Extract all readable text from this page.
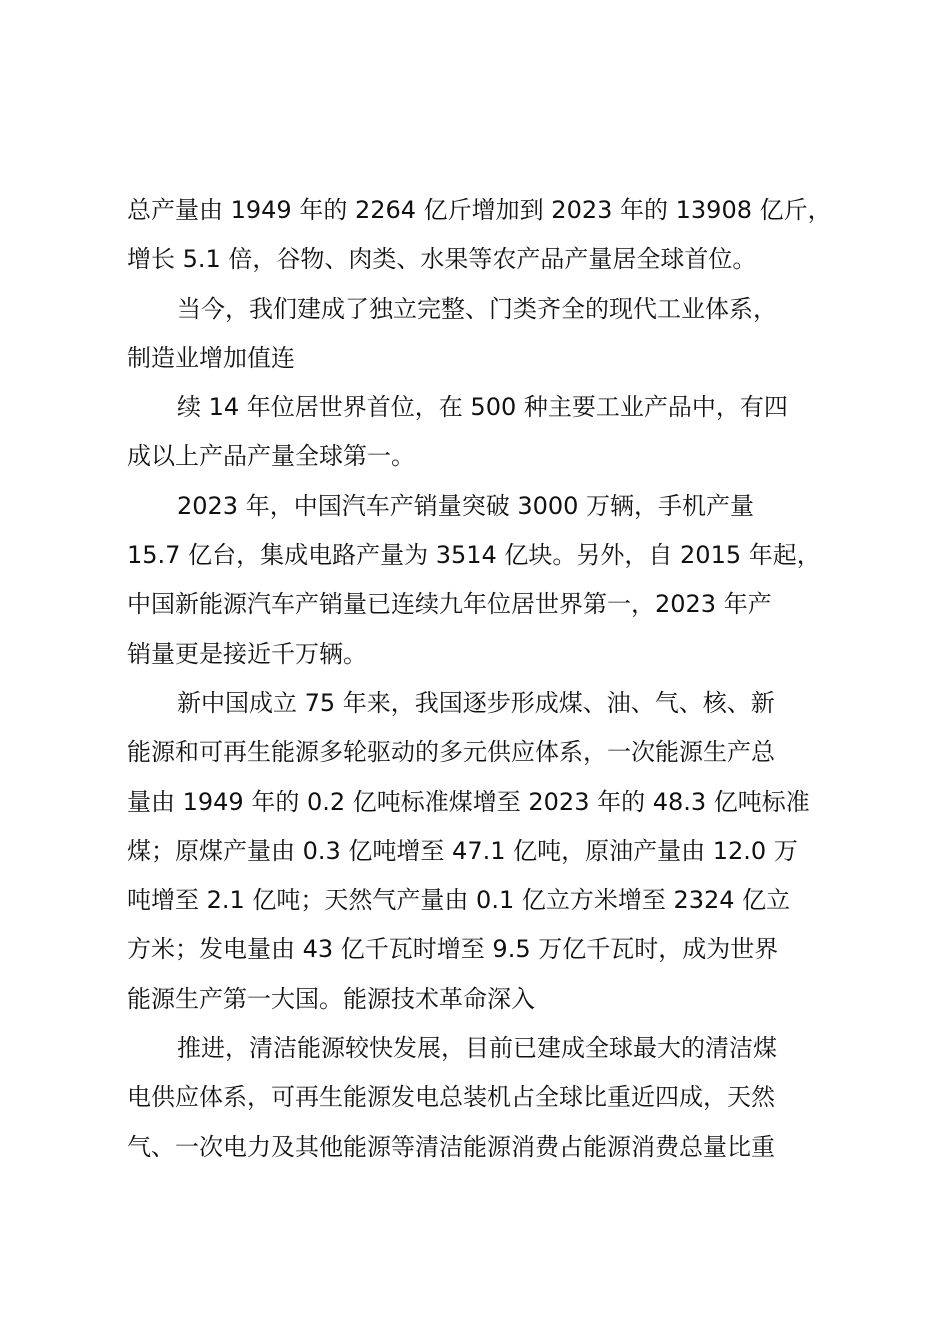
总产量由 1949 年的 2264 亿斤增加到 2023 年的 13908 亿斤，
增长 5.1 倍，谷物、肉类、水果等农产品产量居全球首位。
当今，我们建成了独立完整、门类齐全的现代工业体系，
制造业增加值连
续 14 年位居世界首位，在 500 种主要工业产品中，有四
成以上产品产量全球第一。
2023 年，中国汽车产销量突破 3000 万辆，手机产量
15.7 亿台，集成电路产量为 3514 亿块。另外，自 2015 年起，
中国新能源汽车产销量已连续九年位居世界第一，2023 年产
销量更是接近千万辆。
新中国成立 75 年来，我国逐步形成煤、油、气、核、新
能源和可再生能源多轮驱动的多元供应体系，一次能源生产总
量由 1949 年的 0.2 亿吨标准煤增至 2023 年的 48.3 亿吨标准
煤；原煤产量由 0.3 亿吨增至 47.1 亿吨，原油产量由 12.0 万
吨增至 2.1 亿吨；天然气产量由 0.1 亿立方米增至 2324 亿立
方米；发电量由 43 亿千瓦时增至 9.5 万亿千瓦时，成为世界
能源生产第一大国。能源技术革命深入
推进，清洁能源较快发展，目前已建成全球最大的清洁煤
电供应体系，可再生能源发电总装机占全球比重近四成，天然
气、一次电力及其他能源等清洁能源消费占能源消费总量比重
